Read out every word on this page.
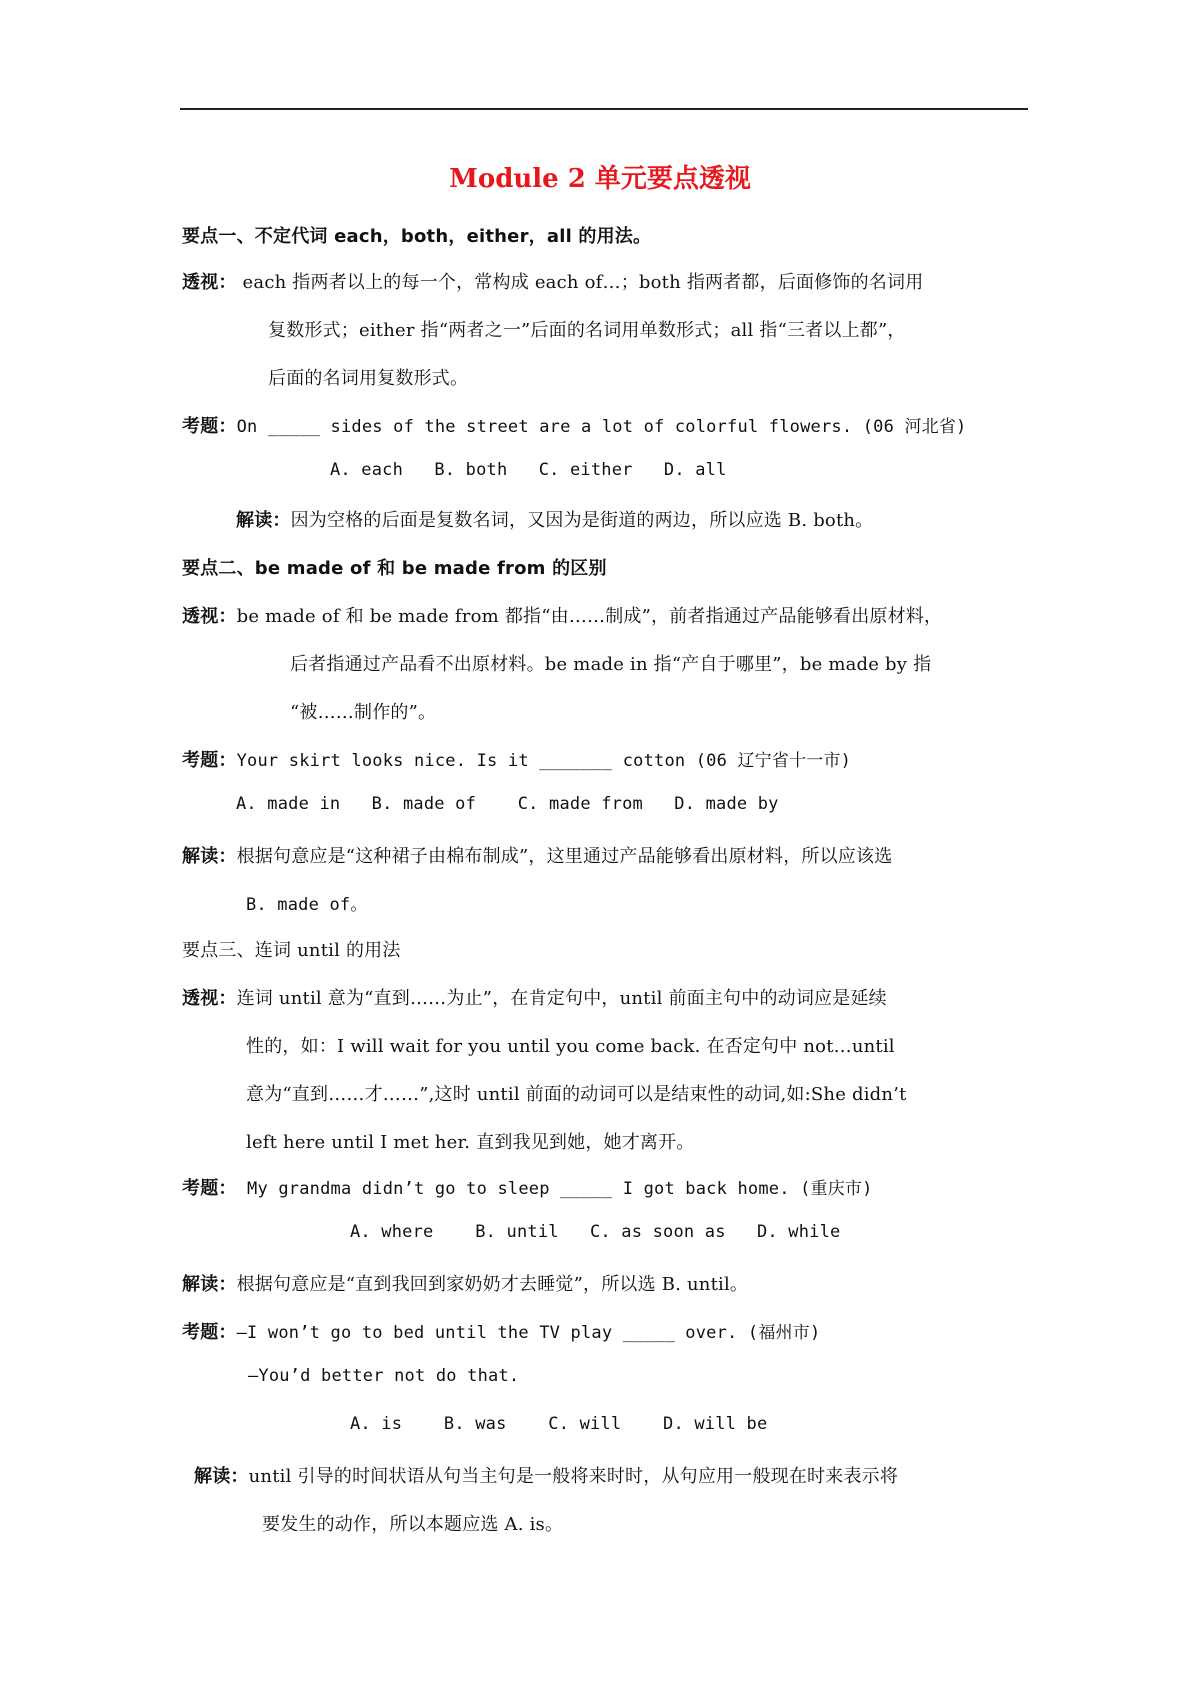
Module 2 单元要点透视
要点一、不定代词 each，both，either，all 的用法。
透视： each 指两者以上的每一个，常构成 each of…；both 指两者都，后面修饰的名词用
复数形式；either 指“两者之一”后面的名词用单数形式；all 指“三者以上都”，
后面的名词用复数形式。
考题：On _____ sides of the street are a lot of colorful flowers. (06 河北省)
A. each   B. both   C. either   D. all
解读：因为空格的后面是复数名词，又因为是街道的两边，所以应选 B. both。
要点二、be made of 和 be made from 的区别
透视：be made of 和 be made from 都指“由……制成”，前者指通过产品能够看出原材料，
后者指通过产品看不出原材料。be made in 指“产自于哪里”，be made by 指
“被……制作的”。
考题：Your skirt looks nice. Is it _______ cotton (06 辽宁省十一市)
A. made in   B. made of    C. made from   D. made by
解读：根据句意应是“这种裙子由棉布制成”，这里通过产品能够看出原材料，所以应该选
B. made of。
要点三、连词 until 的用法
透视：连词 until 意为“直到……为止”，在肯定句中，until 前面主句中的动词应是延续
性的，如：I will wait for you until you come back. 在否定句中 not…until
意为“直到……才……”,这时 until 前面的动词可以是结束性的动词,如:She didn’t
left here until I met her. 直到我见到她，她才离开。
考题： My grandma didn’t go to sleep _____ I got back home. (重庆市)
A. where    B. until   C. as soon as   D. while
解读：根据句意应是“直到我回到家奶奶才去睡觉”，所以选 B. until。
考题：—I won’t go to bed until the TV play _____ over. (福州市)
—You’d better not do that.
A. is    B. was    C. will    D. will be
解读：until 引导的时间状语从句当主句是一般将来时时，从句应用一般现在时来表示将
要发生的动作，所以本题应选 A. is。
